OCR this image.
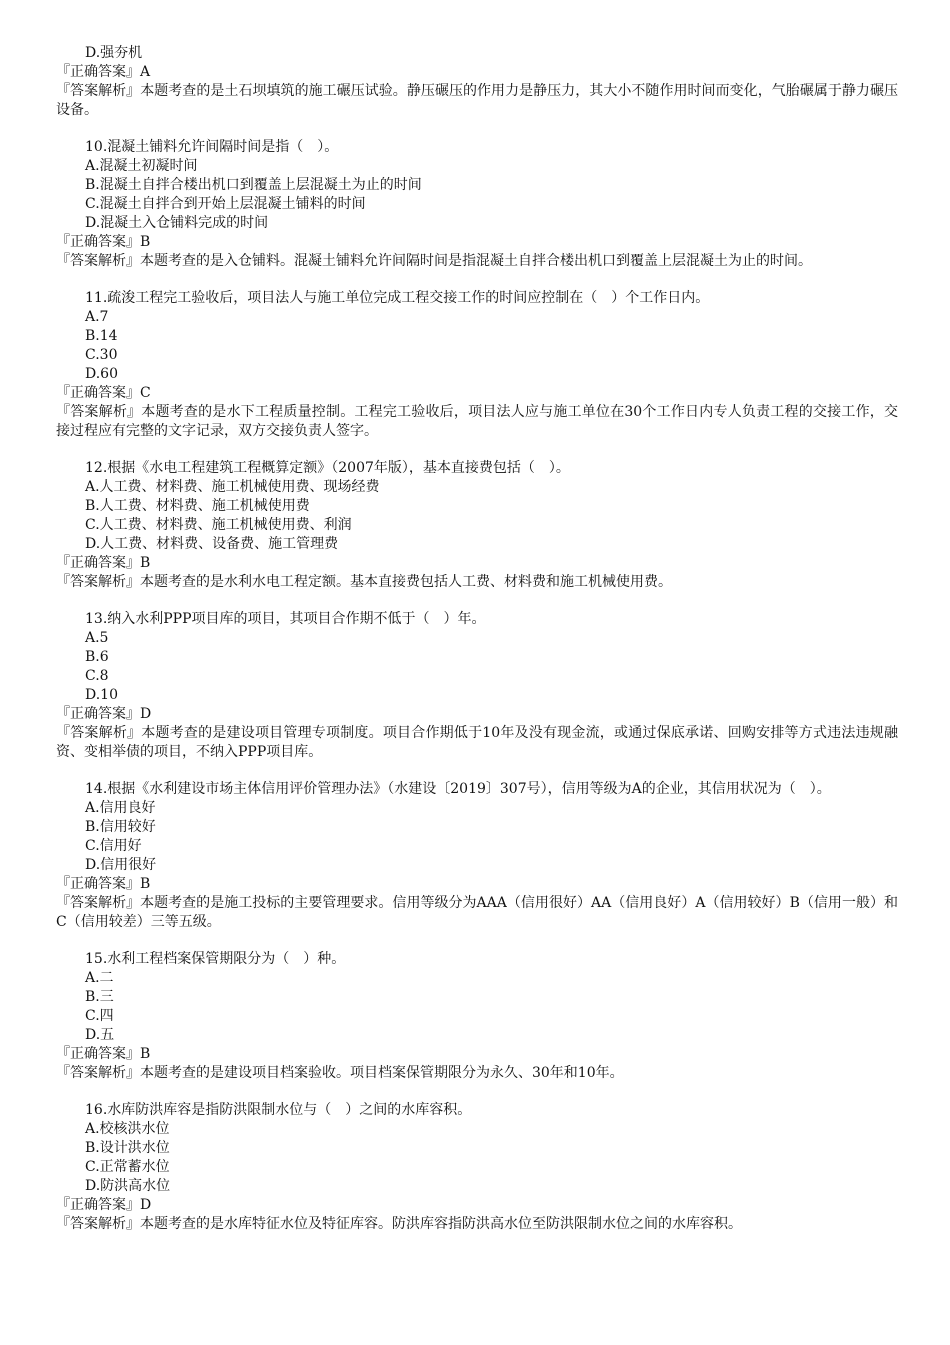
D.强夯机

『正确答案』A

『答案解析』本题考查的是土石坝填筑的施工碾压试验。静压碾压的作用力是静压力，其大小不随作用时间而变化，气胎碾属于静力碾压设备。

10.混凝土铺料允许间隔时间是指（　）。

A.混凝土初凝时间

B.混凝土自拌合楼出机口到覆盖上层混凝土为止的时间

C.混凝土自拌合到开始上层混凝土铺料的时间

D.混凝土入仓铺料完成的时间

『正确答案』B

『答案解析』本题考查的是入仓铺料。混凝土铺料允许间隔时间是指混凝土自拌合楼出机口到覆盖上层混凝土为止的时间。

11.疏浚工程完工验收后，项目法人与施工单位完成工程交接工作的时间应控制在（　）个工作日内。

A.7

B.14

C.30

D.60

『正确答案』C

『答案解析』本题考查的是水下工程质量控制。工程完工验收后，项目法人应与施工单位在30个工作日内专人负责工程的交接工作，交接过程应有完整的文字记录，双方交接负责人签字。

12.根据《水电工程建筑工程概算定额》（2007年版），基本直接费包括（　）。

A.人工费、材料费、施工机械使用费、现场经费

B.人工费、材料费、施工机械使用费

C.人工费、材料费、施工机械使用费、利润

D.人工费、材料费、设备费、施工管理费

『正确答案』B

『答案解析』本题考查的是水利水电工程定额。基本直接费包括人工费、材料费和施工机械使用费。

13.纳入水利PPP项目库的项目，其项目合作期不低于（　）年。

A.5

B.6

C.8

D.10

『正确答案』D

『答案解析』本题考查的是建设项目管理专项制度。项目合作期低于10年及没有现金流，或通过保底承诺、回购安排等方式违法违规融资、变相举债的项目，不纳入PPP项目库。

14.根据《水利建设市场主体信用评价管理办法》（水建设〔2019〕307号），信用等级为A的企业，其信用状况为（　）。

A.信用良好

B.信用较好

C.信用好

D.信用很好

『正确答案』B

『答案解析』本题考查的是施工投标的主要管理要求。信用等级分为AAA（信用很好）AA（信用良好）A（信用较好）B（信用一般）和C（信用较差）三等五级。

15.水利工程档案保管期限分为（　）种。

A.二

B.三

C.四

D.五

『正确答案』B

『答案解析』本题考查的是建设项目档案验收。项目档案保管期限分为永久、30年和10年。

16.水库防洪库容是指防洪限制水位与（　）之间的水库容积。

A.校核洪水位

B.设计洪水位

C.正常蓄水位

D.防洪高水位

『正确答案』D

『答案解析』本题考查的是水库特征水位及特征库容。防洪库容指防洪高水位至防洪限制水位之间的水库容积。
